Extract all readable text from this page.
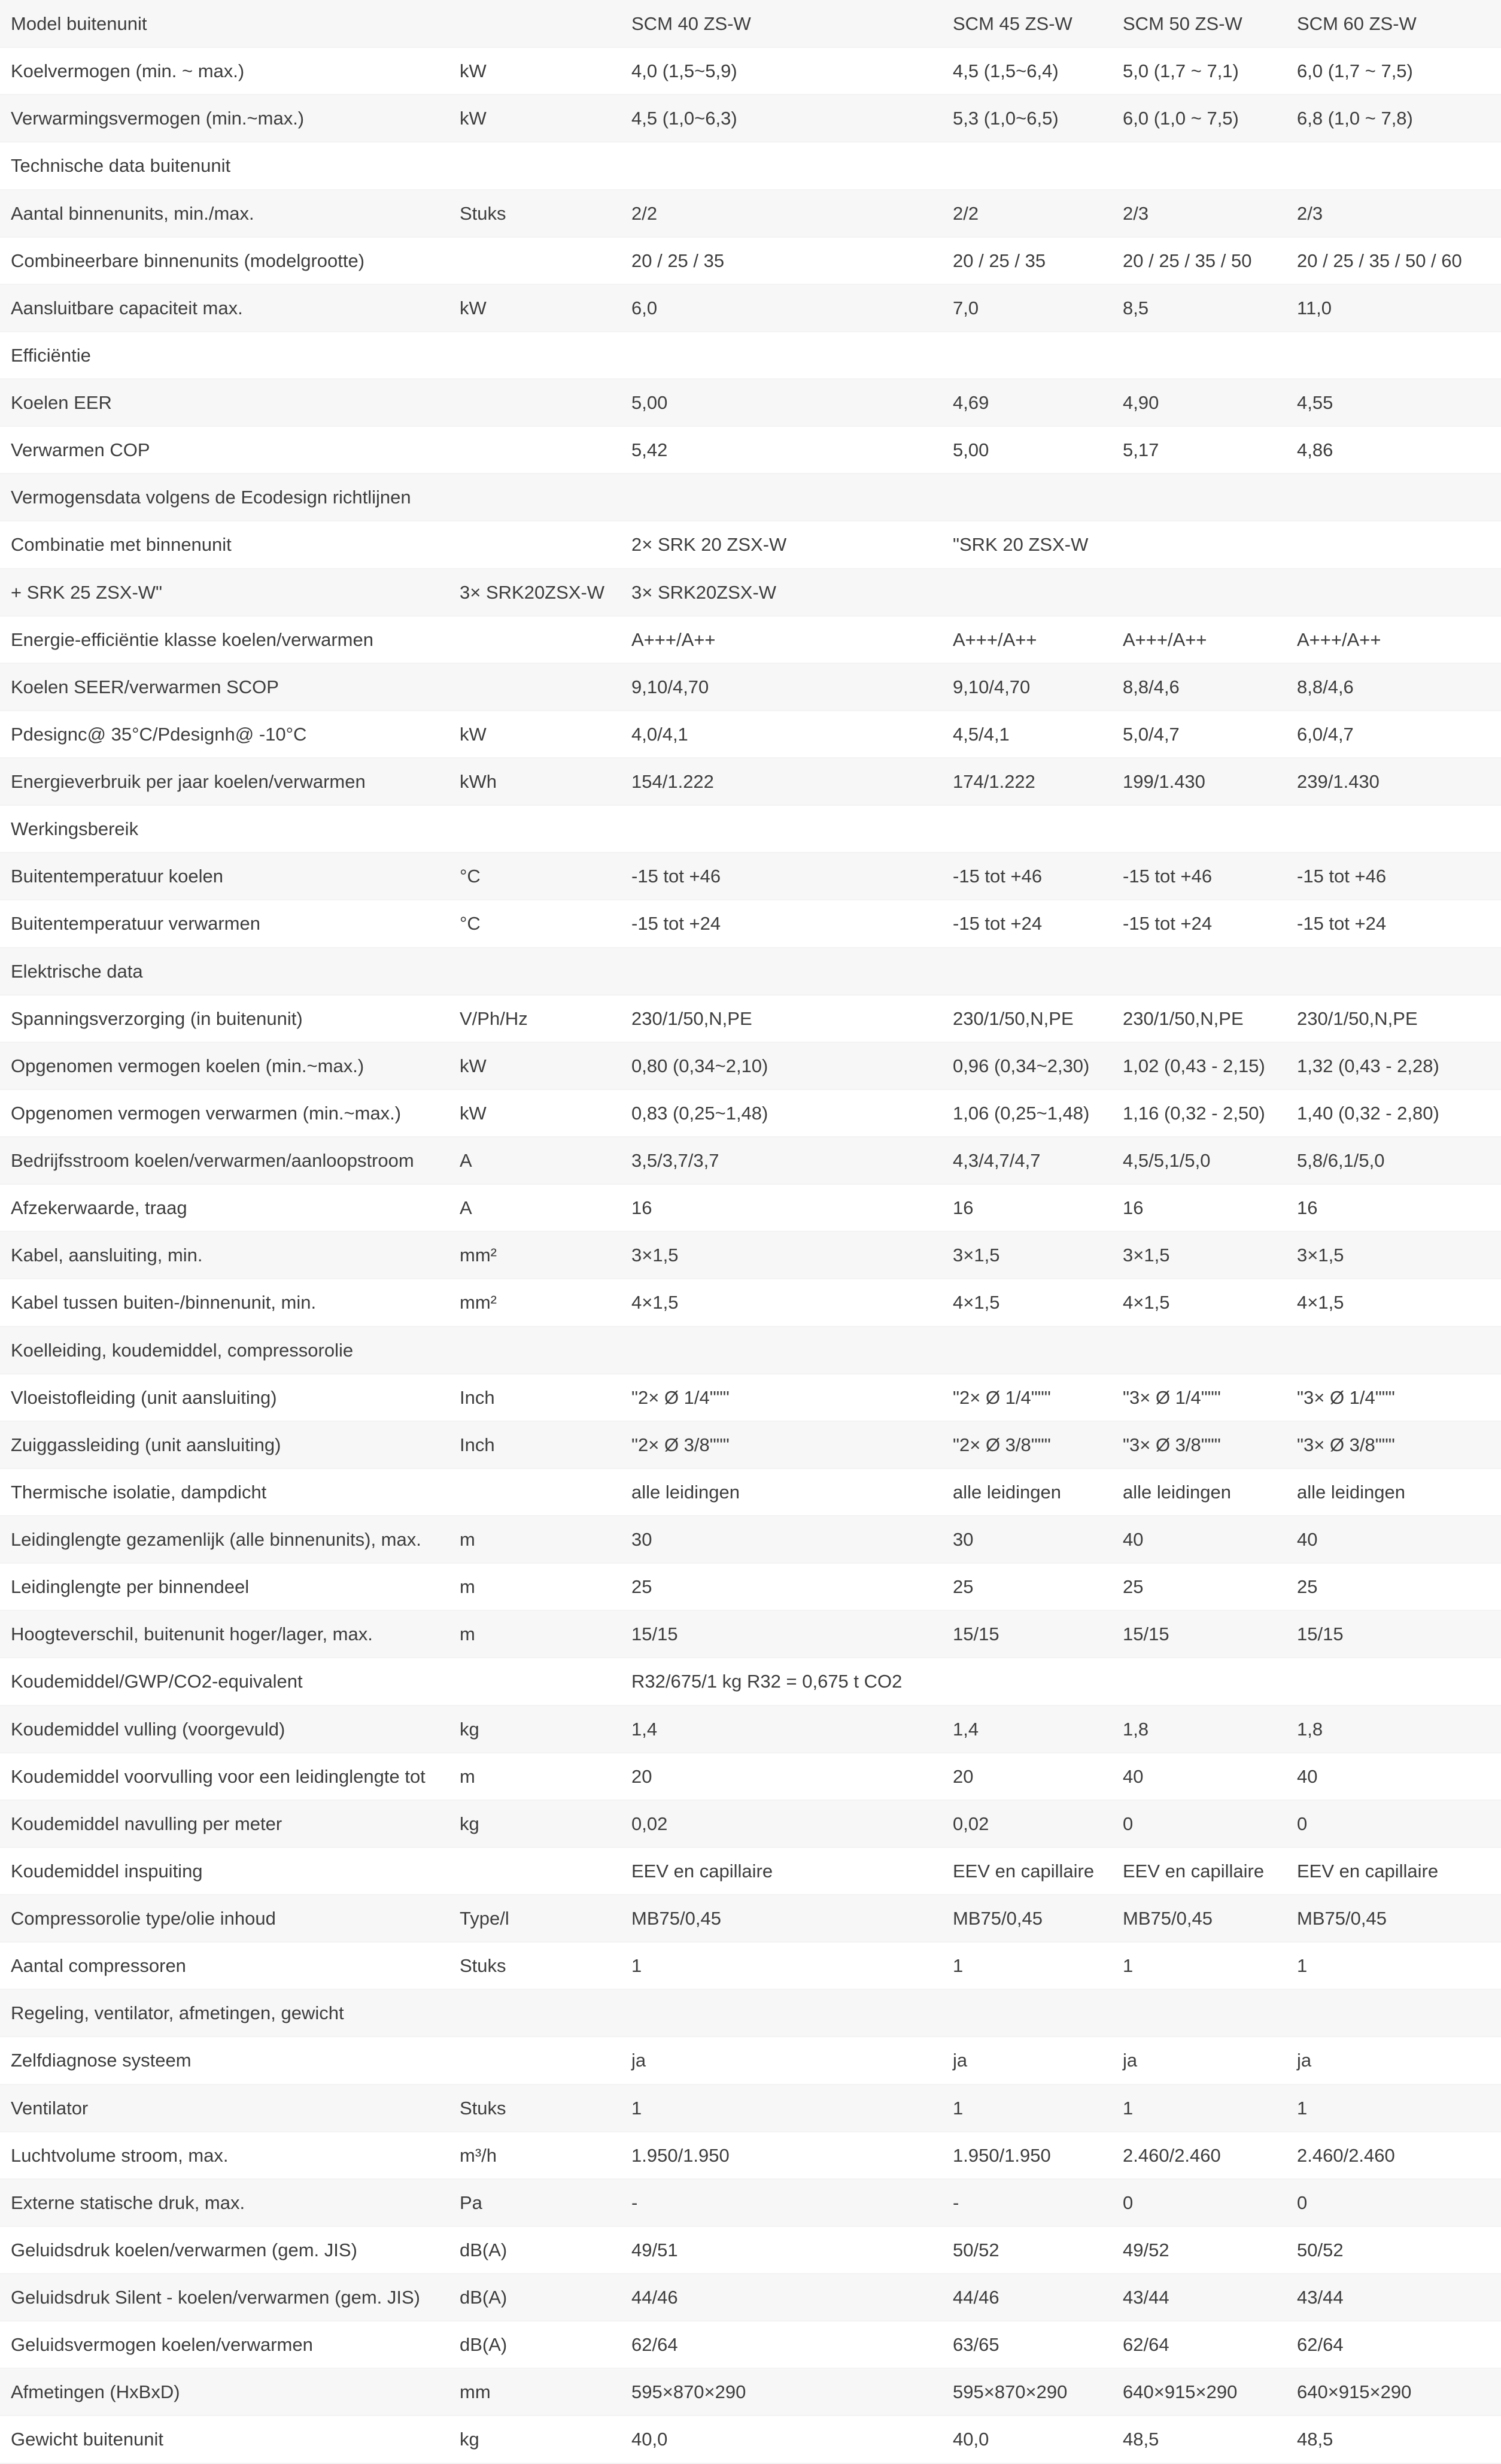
Model buitenunit		SCM 40 ZS-W	SCM 45 ZS-W	SCM 50 ZS-W	SCM 60 ZS-W
Koelvermogen (min. ~ max.)	kW	4,0 (1,5~5,9)	4,5 (1,5~6,4)	5,0 (1,7 ~ 7,1)	6,0 (1,7 ~ 7,5)
Verwarmingsvermogen (min.~max.)	kW	4,5 (1,0~6,3)	5,3 (1,0~6,5)	6,0 (1,0 ~ 7,5)	6,8 (1,0 ~ 7,8)
Technische data buitenunit					
Aantal binnenunits, min./max.	Stuks	2/2	2/2	2/3	2/3
Combineerbare binnenunits (modelgrootte)		20 / 25 / 35	20 / 25 / 35	20 / 25 / 35 / 50	20 / 25 / 35 / 50 / 60
Aansluitbare capaciteit max.	kW	6,0	7,0	8,5	11,0
Efficiëntie					
Koelen EER		5,00	4,69	4,90	4,55
Verwarmen COP		5,42	5,00	5,17	4,86
Vermogensdata volgens de Ecodesign richtlijnen					
Combinatie met binnenunit		2× SRK 20 ZSX-W	"SRK 20 ZSX-W		
+ SRK 25 ZSX-W"	3× SRK20ZSX-W	3× SRK20ZSX-W			
Energie-efficiëntie klasse koelen/verwarmen		A+++/A++	A+++/A++	A+++/A++	A+++/A++
Koelen SEER/verwarmen SCOP		9,10/4,70	9,10/4,70	8,8/4,6	8,8/4,6
Pdesignc@ 35°C/Pdesignh@ -10°C	kW	4,0/4,1	4,5/4,1	5,0/4,7	6,0/4,7
Energieverbruik per jaar koelen/verwarmen	kWh	154/1.222	174/1.222	199/1.430	239/1.430
Werkingsbereik					
Buitentemperatuur koelen	°C	-15 tot +46	-15 tot +46	-15 tot +46	-15 tot +46
Buitentemperatuur verwarmen	°C	-15 tot +24	-15 tot +24	-15 tot +24	-15 tot +24
Elektrische data					
Spanningsverzorging (in buitenunit)	V/Ph/Hz	230/1/50,N,PE	230/1/50,N,PE	230/1/50,N,PE	230/1/50,N,PE
Opgenomen vermogen koelen (min.~max.)	kW	0,80 (0,34~2,10)	0,96 (0,34~2,30)	1,02 (0,43 - 2,15)	1,32 (0,43 - 2,28)
Opgenomen vermogen verwarmen (min.~max.)	kW	0,83 (0,25~1,48)	1,06 (0,25~1,48)	1,16 (0,32 - 2,50)	1,40 (0,32 - 2,80)
Bedrijfsstroom koelen/verwarmen/aanloopstroom	A	3,5/3,7/3,7	4,3/4,7/4,7	4,5/5,1/5,0	5,8/6,1/5,0
Afzekerwaarde, traag	A	16	16	16	16
Kabel, aansluiting, min.	mm²	3×1,5	3×1,5	3×1,5	3×1,5
Kabel tussen buiten-/binnenunit, min.	mm²	4×1,5	4×1,5	4×1,5	4×1,5
Koelleiding, koudemiddel, compressorolie					
Vloeistofleiding (unit aansluiting)	Inch	"2× Ø 1/4"""	"2× Ø 1/4"""	"3× Ø 1/4"""	"3× Ø 1/4"""
Zuiggassleiding (unit aansluiting)	Inch	"2× Ø 3/8"""	"2× Ø 3/8"""	"3× Ø 3/8"""	"3× Ø 3/8"""
Thermische isolatie, dampdicht		alle leidingen	alle leidingen	alle leidingen	alle leidingen
Leidinglengte gezamenlijk (alle binnenunits), max.	m	30	30	40	40
Leidinglengte per binnendeel	m	25	25	25	25
Hoogteverschil, buitenunit hoger/lager, max.	m	15/15	15/15	15/15	15/15
Koudemiddel/GWP/CO2-equivalent		R32/675/1 kg R32 = 0,675 t CO2			
Koudemiddel vulling (voorgevuld)	kg	1,4	1,4	1,8	1,8
Koudemiddel voorvulling voor een leidinglengte tot	m	20	20	40	40
Koudemiddel navulling per meter	kg	0,02	0,02	0	0
Koudemiddel inspuiting		EEV en capillaire	EEV en capillaire	EEV en capillaire	EEV en capillaire
Compressorolie type/olie inhoud	Type/l	MB75/0,45	MB75/0,45	MB75/0,45	MB75/0,45
Aantal compressoren	Stuks	1	1	1	1
Regeling, ventilator, afmetingen, gewicht					
Zelfdiagnose systeem		ja	ja	ja	ja
Ventilator	Stuks	1	1	1	1
Luchtvolume stroom, max.	m³/h	1.950/1.950	1.950/1.950	2.460/2.460	2.460/2.460
Externe statische druk, max.	Pa	-	-	0	0
Geluidsdruk koelen/verwarmen (gem. JIS)	dB(A)	49/51	50/52	49/52	50/52
Geluidsdruk Silent - koelen/verwarmen (gem. JIS)	dB(A)	44/46	44/46	43/44	43/44
Geluidsvermogen koelen/verwarmen	dB(A)	62/64	63/65	62/64	62/64
Afmetingen (HxBxD)	mm	595×870×290	595×870×290	640×915×290	640×915×290
Gewicht buitenunit	kg	40,0	40,0	48,5	48,5
